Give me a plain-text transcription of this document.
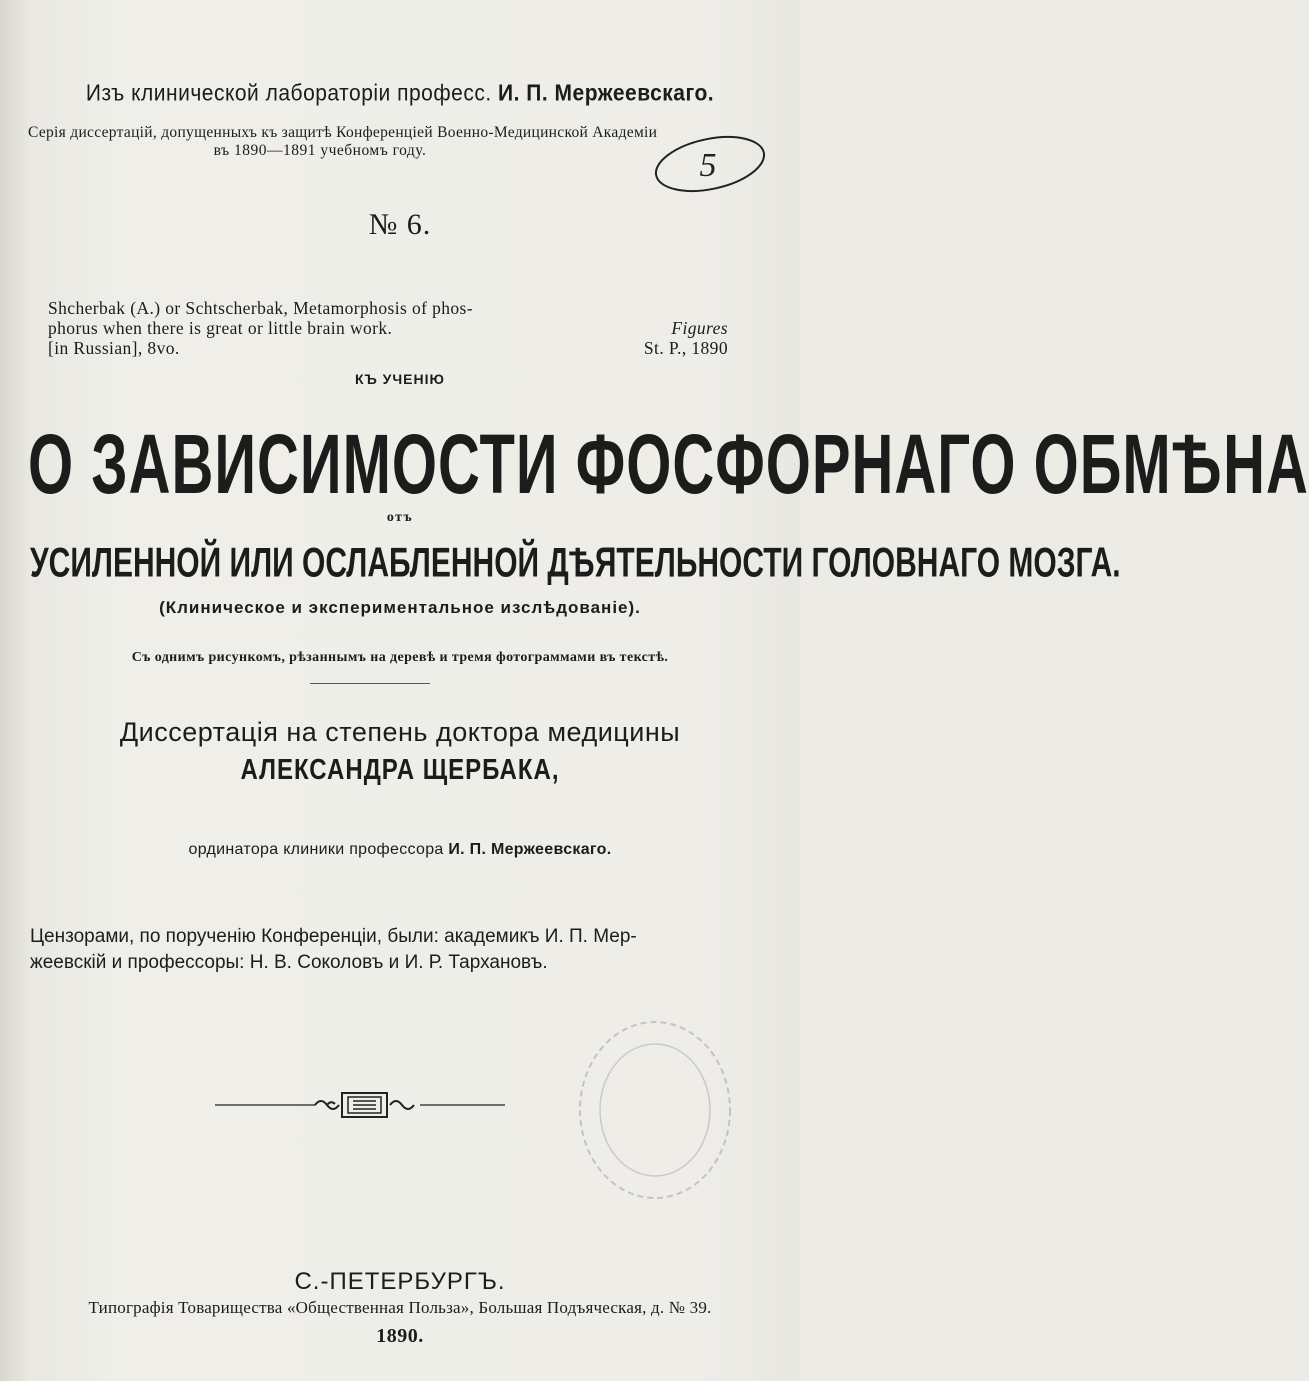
Изъ клинической лабораторіи професс. И. П. Мержеевскаго.
Серія диссертацій, допущенныхъ къ защитѣ Конференціей Военно-Медицинской Академіи
въ 1890—1891 учебномъ году.	5
№ 6.
Shcherbak (A.) or Schtscherbak, Metamorphosis of phos-
phorus when there is great or little brain work.	Figures
[in Russian], 8vo.	St. P., 1890
КЪ УЧЕНІЮ
О ЗАВИСИМОСТИ ФОСФОРНАГО ОБМѢНА
отъ
УСИЛЕННОЙ ИЛИ ОСЛАБЛЕННОЙ ДѢЯТЕЛЬНОСТИ ГОЛОВНАГО МОЗГА.
(Клиническое и экспериментальное изслѣдованіе).
Съ однимъ рисункомъ, рѣзаннымъ на деревѣ и тремя фотограммами въ текстѣ.
Диссертація на степень доктора медицины
АЛЕКСАНДРА ЩЕРБАКА,
ординатора клиники профессора И. П. Мержеевскаго.
Цензорами, по порученію Конференціи, были: академикъ И. П. Мер-
жеевскій и профессоры: Н. В. Соколовъ и И. Р. Тархановъ.
С.-ПЕТЕРБУРГЪ.
Типографія Товарищества «Общественная Польза», Большая Подъяческая, д. № 39.
1890.
